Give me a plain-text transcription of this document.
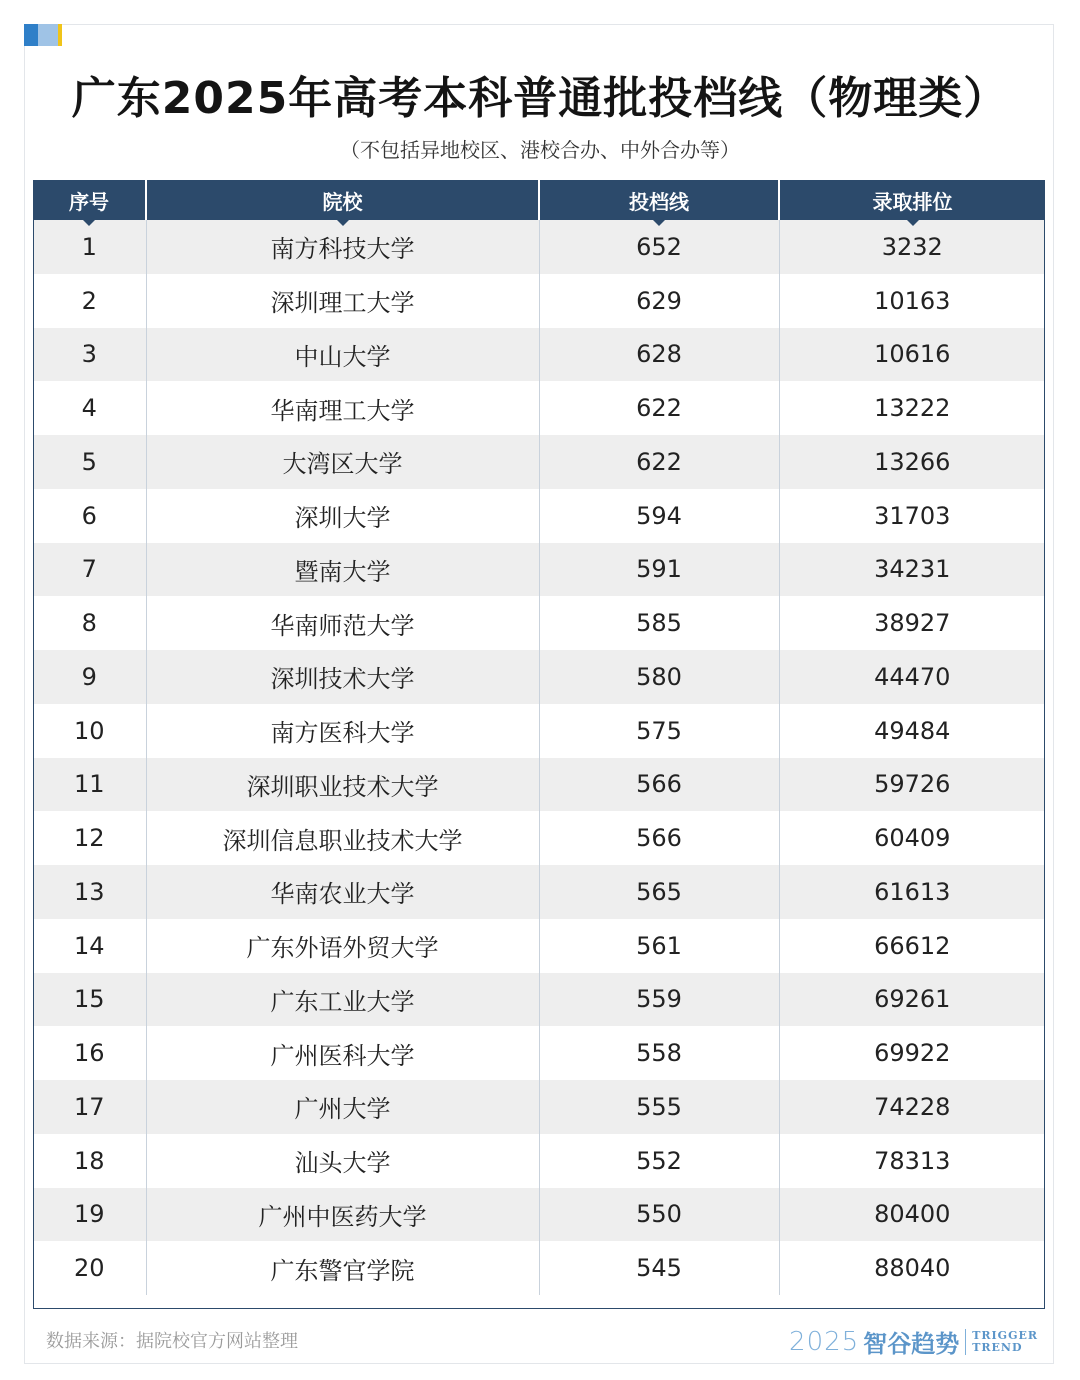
广东2025年高考本科普通批投档线（物理类）
（不包括异地校区、港校合办、中外合办等）
序号	院校	投档线	录取排位

1	南方科技大学	652	3232
2	深圳理工大学	629	10163
3	中山大学	628	10616
4	华南理工大学	622	13222
5	大湾区大学	622	13266
6	深圳大学	594	31703
7	暨南大学	591	34231
8	华南师范大学	585	38927
9	深圳技术大学	580	44470
10	南方医科大学	575	49484
11	深圳职业技术大学	566	59726
12	深圳信息职业技术大学	566	60409
13	华南农业大学	565	61613
14	广东外语外贸大学	561	66612
15	广东工业大学	559	69261
16	广州医科大学	558	69922
17	广州大学	555	74228
18	汕头大学	552	78313
19	广州中医药大学	550	80400
20	广东警官学院	545	88040
数据来源：据院校官方网站整理	2025 智谷趋势 TRIGGER
TREND
